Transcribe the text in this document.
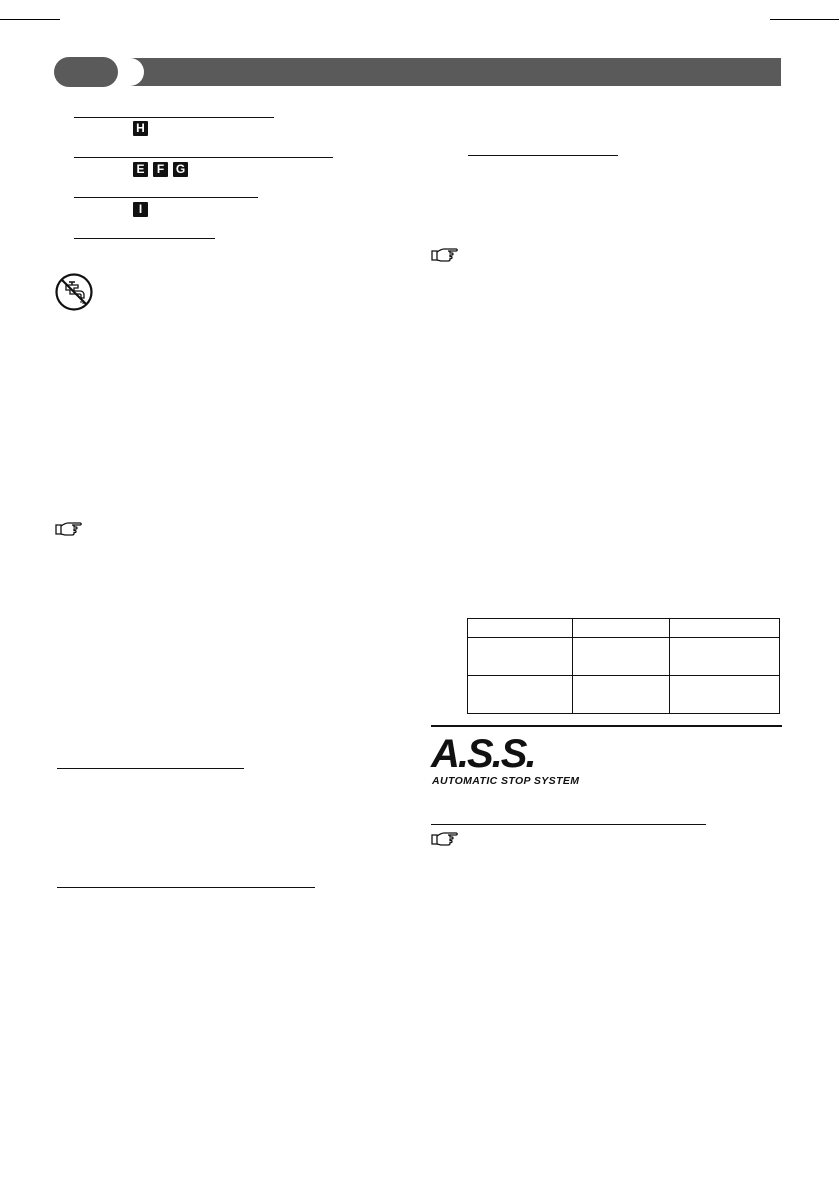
H
E	F G
I

A.S.S.
AUTOMATIC STOP SYSTEM
